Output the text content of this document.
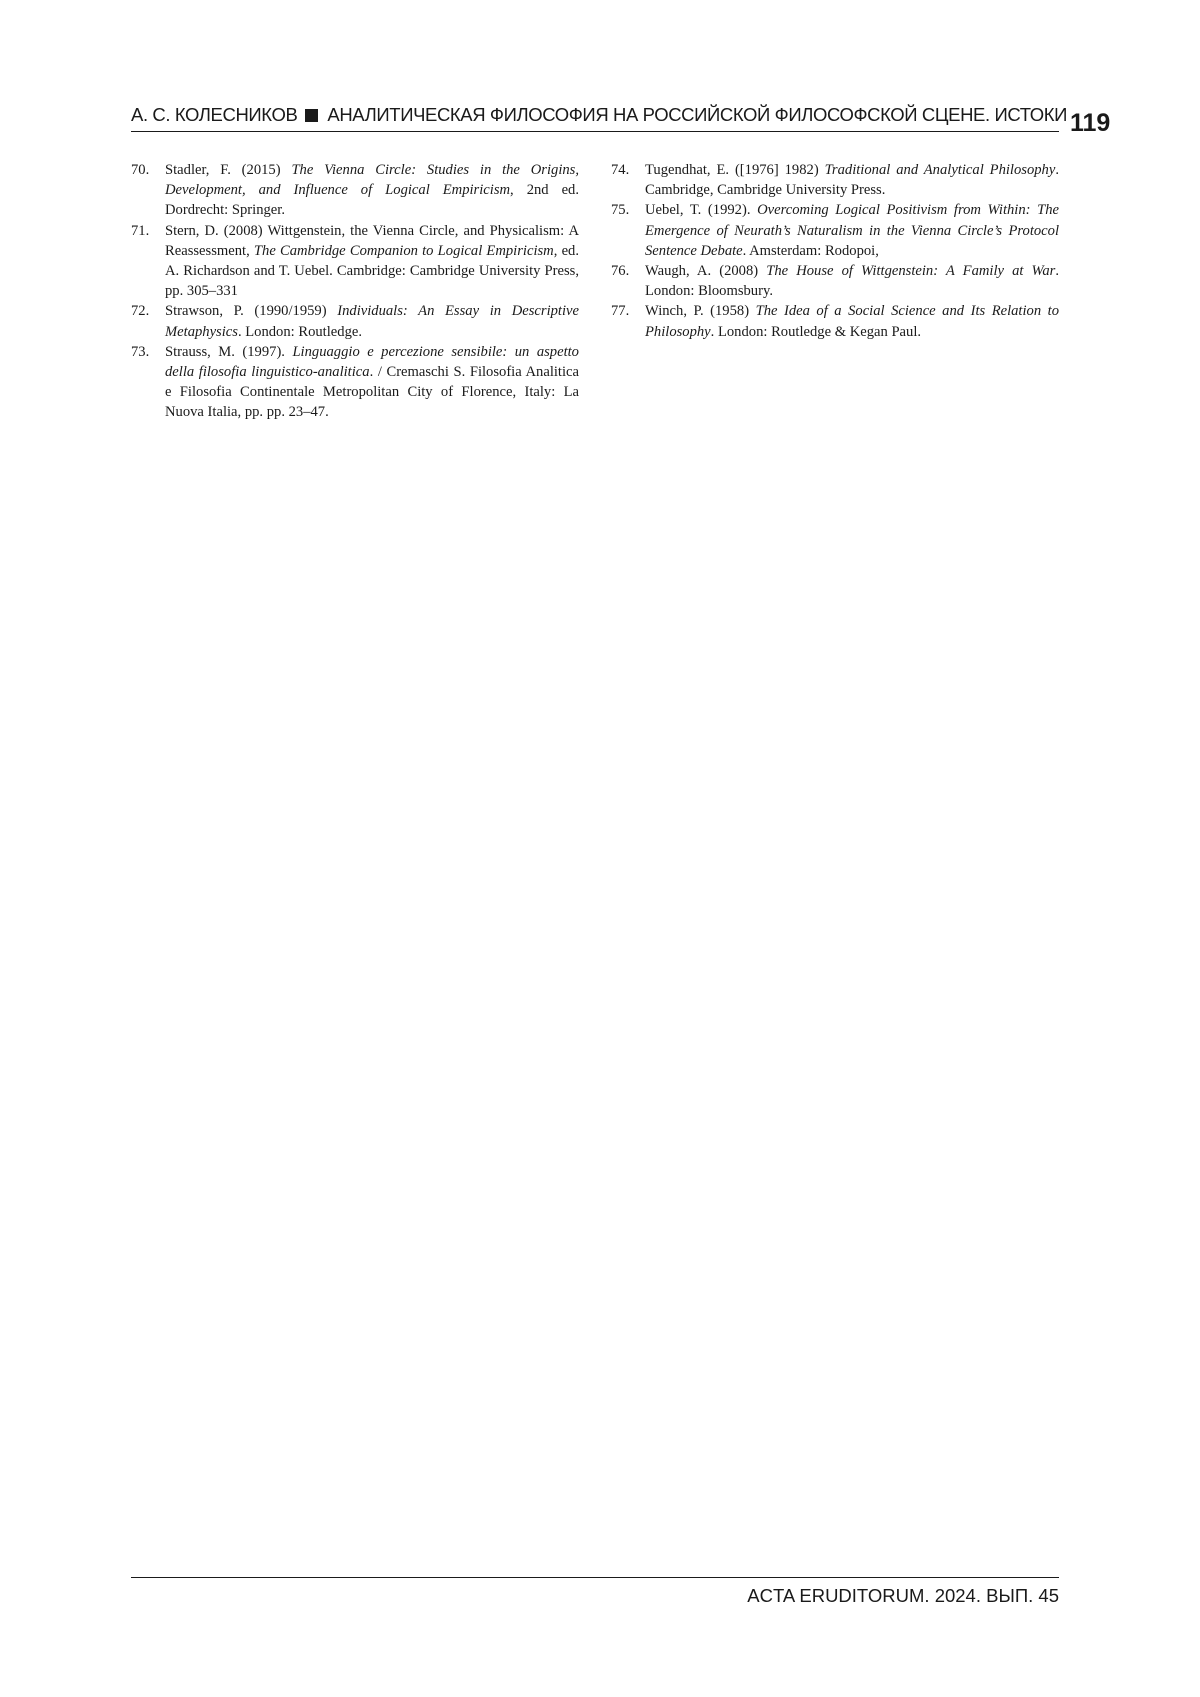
А. С. КОЛЕСНИКОВ АНАЛИТИЧЕСКАЯ ФИЛОСОФИЯ НА РОССИЙСКОЙ ФИЛОСОФСКОЙ СЦЕНЕ. ИСТОКИ 119
70. Stadler, F. (2015) The Vienna Circle: Studies in the Origins, Development, and Influence of Logical Empiricism, 2nd ed. Dordrecht: Springer.
71. Stern, D. (2008) Wittgenstein, the Vienna Circle, and Physicalism: A Reassessment, The Cambridge Companion to Logical Empiricism, ed. A. Richardson and T. Uebel. Cambridge: Cambridge University Press, pp. 305–331
72. Strawson, P. (1990/1959) Individuals: An Essay in Descriptive Metaphysics. London: Routledge.
73. Strauss, M. (1997). Linguaggio e percezione sensibile: un aspetto della filosofia linguistico-analitica. / Cremaschi S. Filosofia Analitica e Filosofia Continentale Metropolitan City of Florence, Italy: La Nuova Italia, pp. pp. 23–47.
74. Tugendhat, E. ([1976] 1982) Traditional and Analytical Philosophy. Cambridge, Cambridge University Press.
75. Uebel, T. (1992). Overcoming Logical Positivism from Within: The Emergence of Neurath’s Naturalism in the Vienna Circle’s Protocol Sentence Debate. Amsterdam: Rodopoi,
76. Waugh, A. (2008) The House of Wittgenstein: A Family at War. London: Bloomsbury.
77. Winch, P. (1958) The Idea of a Social Science and Its Relation to Philosophy. London: Routledge & Kegan Paul.
ACTA ERUDITORUM. 2024. ВЫП. 45
